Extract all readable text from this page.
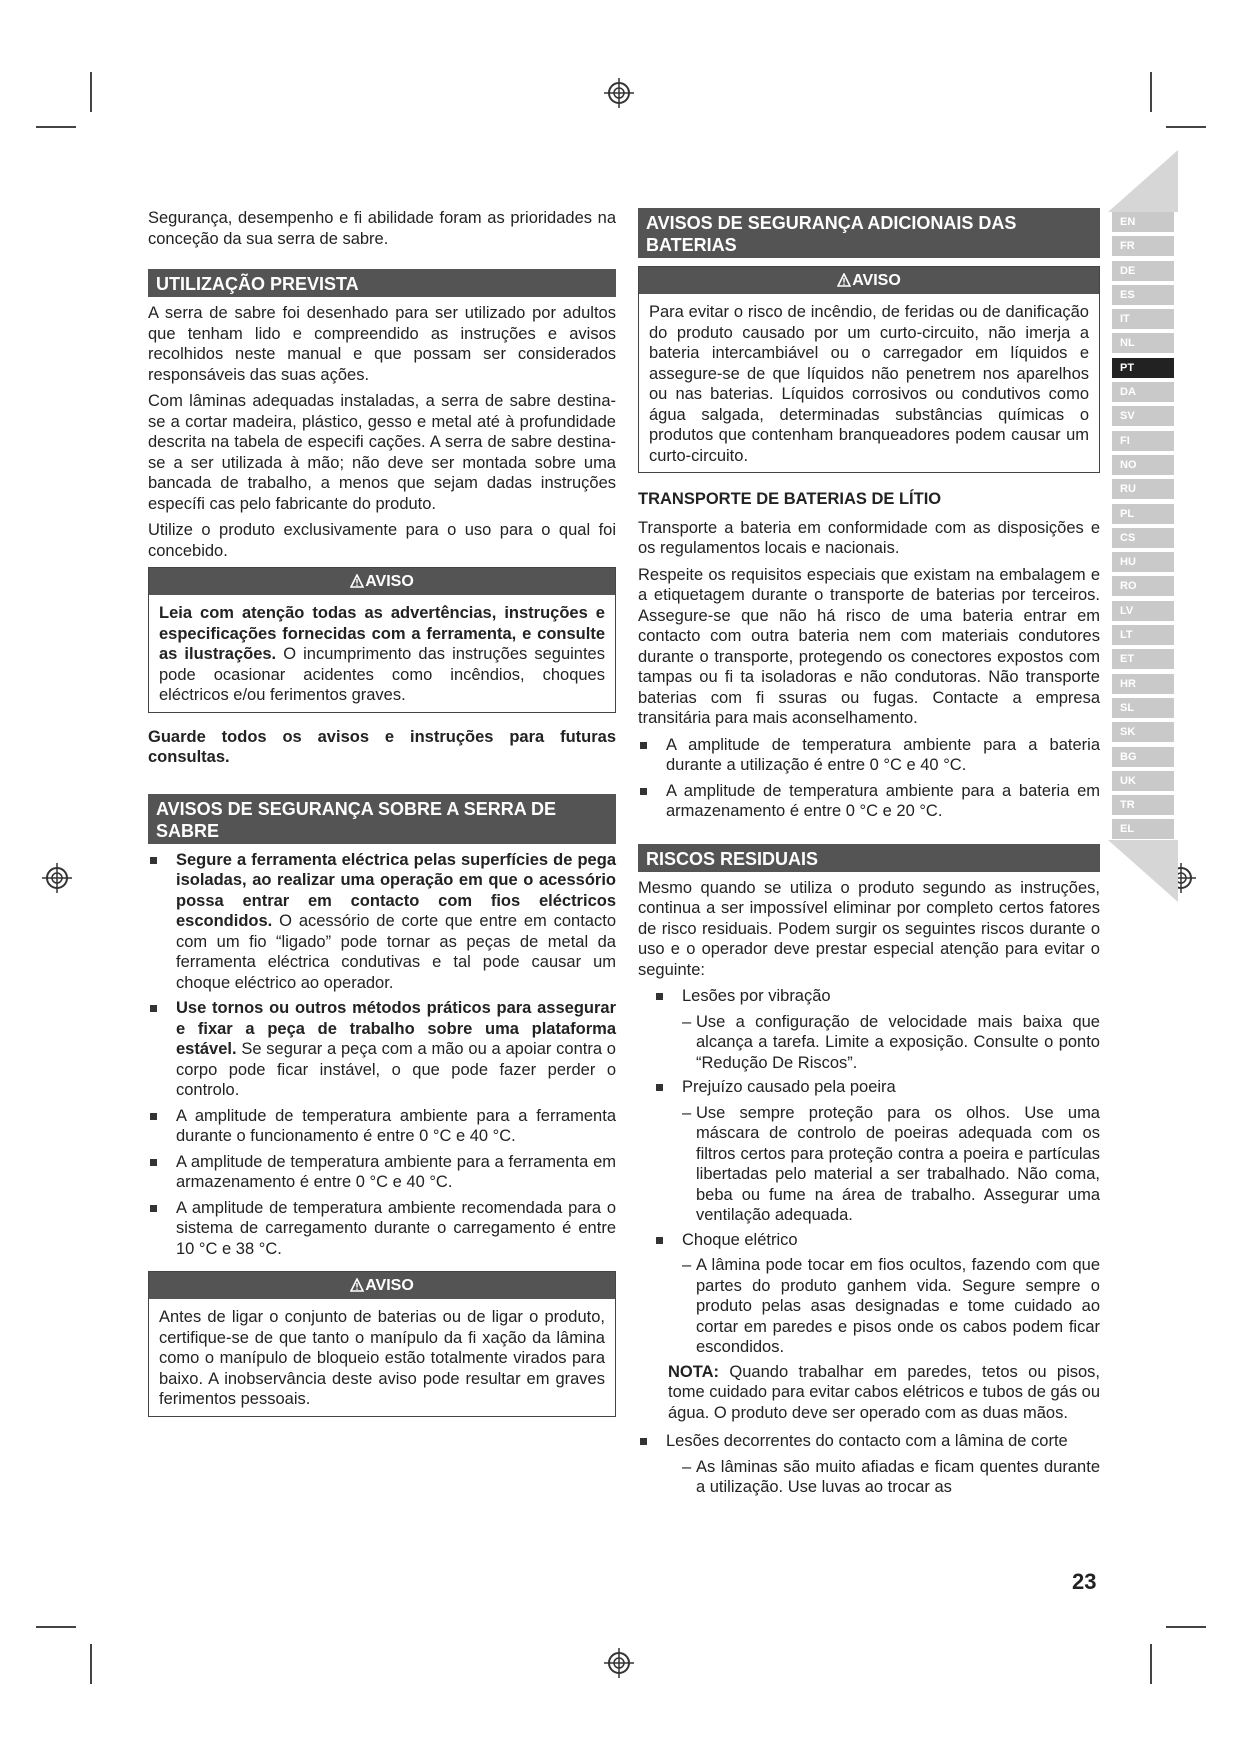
Segurança, desempenho e fi abilidade foram as prioridades na conceção da sua serra de sabre.

UTILIZAÇÃO PREVISTA

A serra de sabre foi desenhado para ser utilizado por adultos que tenham lido e compreendido as instruções e avisos recolhidos neste manual e que possam ser considerados responsáveis das suas ações.

Com lâminas adequadas instaladas, a serra de sabre destina-se a cortar madeira, plástico, gesso e metal até à profundidade descrita na tabela de especifi cações. A serra de sabre destina-se a ser utilizada à mão; não deve ser montada sobre uma bancada de trabalho, a menos que sejam dadas instruções específi cas pelo fabricante do produto.

Utilize o produto exclusivamente para o uso para o qual foi concebido.

AVISO
Leia com atenção todas as advertências, instruções e especificações fornecidas com a ferramenta, e consulte as ilustrações. O incumprimento das instruções seguintes pode ocasionar acidentes como incêndios, choques eléctricos e/ou ferimentos graves.

Guarde todos os avisos e instruções para futuras consultas.

AVISOS DE SEGURANÇA SOBRE A SERRA DE SABRE
Segure a ferramenta eléctrica pelas superfícies de pega isoladas, ao realizar uma operação em que o acessório possa entrar em contacto com fios eléctricos escondidos. O acessório de corte que entre em contacto com um fio “ligado” pode tornar as peças de metal da ferramenta eléctrica condutivas e tal pode causar um choque eléctrico ao operador.
Use tornos ou outros métodos práticos para assegurar e fixar a peça de trabalho sobre uma plataforma estável. Se segurar a peça com a mão ou a apoiar contra o corpo pode ficar instável, o que pode fazer perder o controlo.
A amplitude de temperatura ambiente para a ferramenta durante o funcionamento é entre 0 °C e 40 °C.
A amplitude de temperatura ambiente para a ferramenta em armazenamento é entre 0 °C e 40 °C.
A amplitude de temperatura ambiente recomendada para o sistema de carregamento durante o carregamento é entre 10 °C e 38 °C.
AVISO
Antes de ligar o conjunto de baterias ou de ligar o produto, certifique-se de que tanto o manípulo da fi xação da lâmina como o manípulo de bloqueio estão totalmente virados para baixo. A inobservância deste aviso pode resultar em graves ferimentos pessoais.
AVISOS DE SEGURANÇA ADICIONAIS DAS BATERIAS
AVISO
Para evitar o risco de incêndio, de feridas ou de danificação do produto causado por um curto-circuito, não imerja a bateria intercambiável ou o carregador em líquidos e assegure-se de que líquidos não penetrem nos aparelhos ou nas baterias. Líquidos corrosivos ou condutivos como água salgada, determinadas substâncias químicas o produtos que contenham branqueadores podem causar um curto-circuito.
TRANSPORTE DE BATERIAS DE LÍTIO

Transporte a bateria em conformidade com as disposições e os regulamentos locais e nacionais.

Respeite os requisitos especiais que existam na embalagem e a etiquetagem durante o transporte de baterias por terceiros. Assegure-se que não há risco de uma bateria entrar em contacto com outra bateria nem com materiais condutores durante o transporte, protegendo os conectores expostos com tampas ou fi ta isoladoras e não condutoras. Não transporte baterias com fi ssuras ou fugas. Contacte a empresa transitária para mais aconselhamento.

A amplitude de temperatura ambiente para a bateria durante a utilização é entre 0 °C e 40 °C.
A amplitude de temperatura ambiente para a bateria em armazenamento é entre 0 °C e 20 °C.
RISCOS RESIDUAIS

Mesmo quando se utiliza o produto segundo as instruções, continua a ser impossível eliminar por completo certos fatores de risco residuais. Podem surgir os seguintes riscos durante o uso e o operador deve prestar especial atenção para evitar o seguinte:

Lesões por vibração
– Use a configuração de velocidade mais baixa que alcança a tarefa. Limite a exposição. Consulte o ponto “Redução De Riscos”.
Prejuízo causado pela poeira
– Use sempre proteção para os olhos. Use uma máscara de controlo de poeiras adequada com os filtros certos para proteção contra a poeira e partículas libertadas pelo material a ser trabalhado. Não coma, beba ou fume na área de trabalho. Assegurar uma ventilação adequada.
Choque elétrico
– A lâmina pode tocar em fios ocultos, fazendo com que partes do produto ganhem vida. Segure sempre o produto pelas asas designadas e tome cuidado ao cortar em paredes e pisos onde os cabos podem ficar escondidos.

NOTA: Quando trabalhar em paredes, tetos ou pisos, tome cuidado para evitar cabos elétricos e tubos de gás ou água. O produto deve ser operado com as duas mãos.

Lesões decorrentes do contacto com a lâmina de corte
– As lâminas são muito afiadas e ficam quentes durante a utilização. Use luvas ao trocar as
EN
FR
DE
ES
IT
NL
PT
DA
SV
FI
NO
RU
PL
CS
HU
RO
LV
LT
ET
HR
SL
SK
BG
UK
TR
EL
23
